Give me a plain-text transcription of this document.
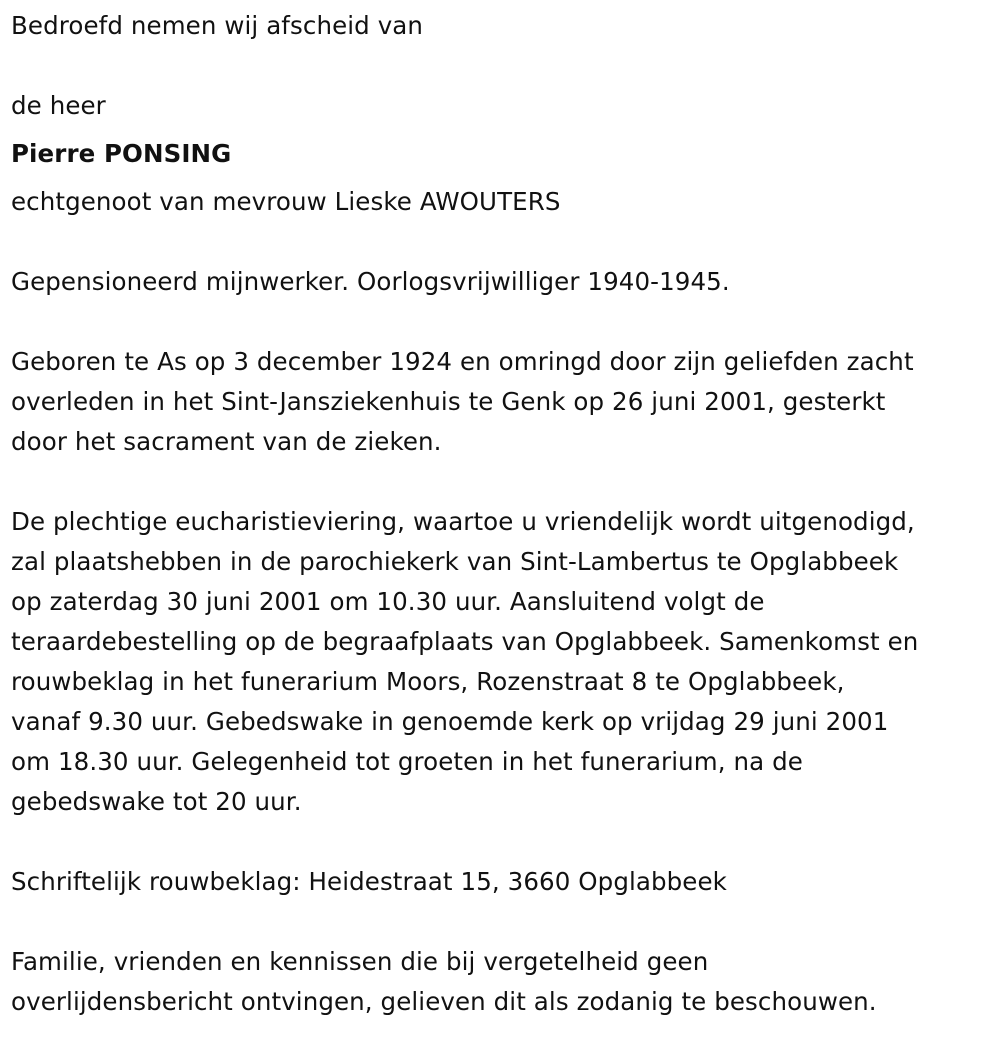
Bedroefd nemen wij afscheid van

de heer

Pierre PONSING

echtgenoot van mevrouw Lieske AWOUTERS

Gepensioneerd mijnwerker. Oorlogsvrijwilliger 1940-1945.

Geboren te As op 3 december 1924 en omringd door zijn geliefden zacht

overleden in het Sint-Jansziekenhuis te Genk op 26 juni 2001, gesterkt

door het sacrament van de zieken.

De plechtige eucharistieviering, waartoe u vriendelijk wordt uitgenodigd,

zal plaatshebben in de parochiekerk van Sint-Lambertus te Opglabbeek

op zaterdag 30 juni 2001 om 10.30 uur. Aansluitend volgt de

teraardebestelling op de begraafplaats van Opglabbeek. Samenkomst en

rouwbeklag in het funerarium Moors, Rozenstraat 8 te Opglabbeek,

vanaf 9.30 uur. Gebedswake in genoemde kerk op vrijdag 29 juni 2001

om 18.30 uur. Gelegenheid tot groeten in het funerarium, na de

gebedswake tot 20 uur.

Schriftelijk rouwbeklag: Heidestraat 15, 3660 Opglabbeek

Familie, vrienden en kennissen die bij vergetelheid geen

overlijdensbericht ontvingen, gelieven dit als zodanig te beschouwen.
